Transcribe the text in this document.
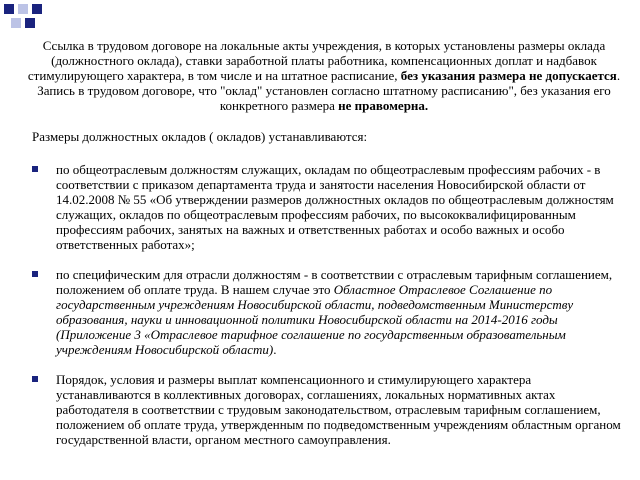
Ссылка в трудовом договоре на локальные акты учреждения, в которых установлены размеры оклада (должностного оклада), ставки заработной платы работника, компенсационных доплат и надбавок стимулирующего характера, в том числе и на штатное расписание, без указания размера не допускается. Запись в трудовом договоре, что "оклад" установлен согласно штатному расписанию", без указания его конкретного размера не правомерна.

Размеры должностных окладов ( окладов) устанавливаются:

по общеотраслевым должностям служащих, окладам по общеотраслевым профессиям рабочих - в соответствии с приказом департамента труда и занятости населения Новосибирской области от 14.02.2008 № 55 «Об утверждении размеров должностных окладов по общеотраслевым должностям служащих, окладов по общеотраслевым профессиям рабочих, по высококвалифицированным профессиям рабочих, занятых на важных и ответственных работах и особо важных и особо ответственных работах»;
по специфическим для отрасли должностям - в соответствии с отраслевым тарифным соглашением, положением об оплате труда. В нашем случае это Областное Отраслевое Соглашение по государственным учреждениям Новосибирской области, подведомственным Министерству образования, науки и инновационной политики Новосибирской области на 2014-2016 годы (Приложение 3 «Отраслевое тарифное соглашение по государственным образовательным учреждениям Новосибирской области).
Порядок, условия и размеры выплат компенсационного и стимулирующего характера устанавливаются в коллективных договорах, соглашениях, локальных нормативных актах работодателя в соответствии с трудовым законодательством, отраслевым тарифным соглашением, положением об оплате труда, утвержденным по подведомственным учреждениям областным органом государственной власти, органом местного самоуправления.
